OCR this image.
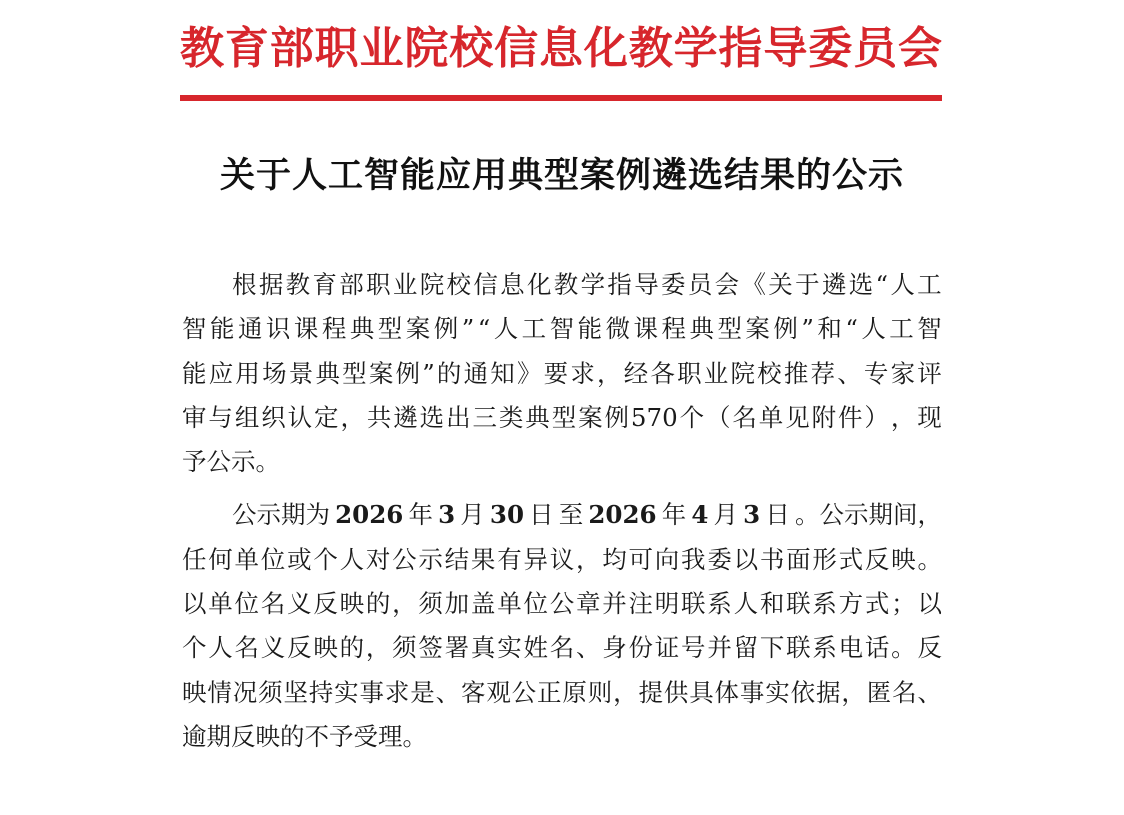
教 育 部 职 业 院 校 信 息 化 教 学 指 导 委 员 会
关于人工智能应用典型案例遴选结果的公示
根 据 教 育 部 职 业 院 校 信 息 化 教 学 指 导 委 员 会 《 关 于 遴 选 “ 人 工
智 能 通 识 课 程 典 型 案 例 ” “ 人 工 智 能 微 课 程 典 型 案 例 ” 和 “ 人 工 智
能 应 用 场 景 典 型 案 例 ” 的 通 知 》 要 求 ， 经 各 职 业 院 校 推 荐 、 专 家 评
审 与 组 织 认 定 ， 共 遴 选 出 三 类 典 型 案 例 570 个 （ 名 单 见 附 件 ） ， 现
予 公 示 。
公示期为 2026 年 3 月 30 日 至 2026 年 4 月 3 日 。公示期间，
任 何 单 位 或 个 人 对 公 示 结 果 有 异 议 ， 均 可 向 我 委 以 书 面 形 式 反 映 。
以 单 位 名 义 反 映 的 ， 须 加 盖 单 位 公 章 并 注 明 联 系 人 和 联 系 方 式 ； 以
个 人 名 义 反 映 的 ， 须 签 署 真 实 姓 名 、 身 份 证 号 并 留 下 联 系 电 话 。 反
映 情 况 须 坚 持 实 事 求 是 、 客 观 公 正 原 则 ， 提 供 具 体 事 实 依 据 ， 匿 名 、
逾 期 反 映 的 不 予 受 理 。
